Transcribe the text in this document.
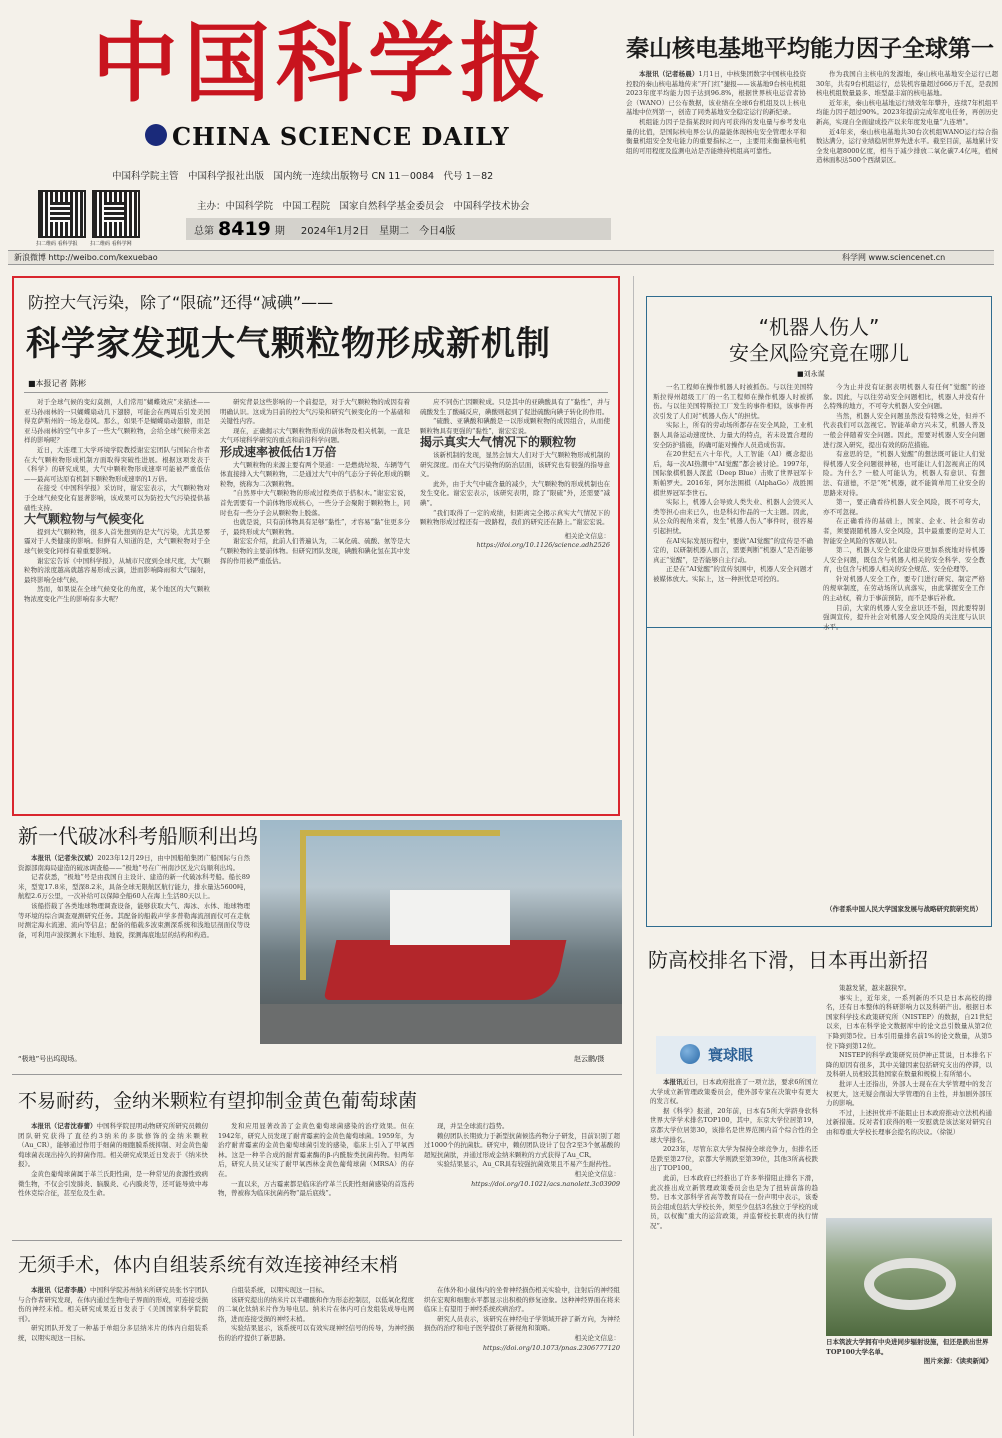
中国科学报
CHINA SCIENCE DAILY
中国科学院主管　中国科学报社出版　国内统一连续出版物号 CN 11－0084　代号 1－82
扫二维码 看科学报 扫二维码 看科学网
主办：中国科学院　中国工程院　国家自然科学基金委员会　中国科学技术协会
总第 8419 期 2024年1月2日　星期二　今日4版
新浪微博 http://weibo.com/kexuebao	科学网 www.sciencenet.cn
秦山核电基地平均能力因子全球第一

本报讯（记者杨晨）1月1日，中核集团数字中国核电投资控股的秦山核电基地传来“开门红”捷报——该基地9台核电机组2023年度平均能力因子达到96.8%，根据世界核电运营者协会（WANO）已公布数据，该业绩在全球6台机组及以上核电基地中位列第一，创造了同类基地安全稳定运行的新纪录。

机组能力因子是指某段时间内可获得的发电量与参考发电量的比值，是国际核电界公认的最能体现核电安全管理水平和衡量机组安全发电能力的重要指标之一，主要用来衡量核电机组的可用程度及监测电站是否能维持机组高可靠性。

作为我国自主核电的发源地，秦山核电基地安全运行已超30年，共有9台机组运行，总装机容量超过666万千瓦，是我国核电机组数量最多、堆型最丰富的核电基地。

近年来，秦山核电基地运行绩效年年攀升，连续7年机组平均能力因子超过90%。2023年提前完成年度电任务，再创历史新高，实现自全面建成投产以来年度发电量“九连增”。

近4年来，秦山核电基地共30台次机组WANO运行综合指数达满分，运行业绩稳居世界先进水平。截至目前，基地累计安全发电超8000亿度，相当于减少排放二氧化碳7.4亿吨，植树造林面积达500个西湖景区。

防控大气污染，除了“限硫”还得“减碘”——
科学家发现大气颗粒物形成新机制
■本报记者 陈彬

对于全球气候的变幻莫测，人们常用“蝴蝶效应”来描述——亚马孙雨林的一只蝴蝶扇动几下翅膀，可能会在两周后引发美国得克萨斯州的一场龙卷风。那么，如果不是蝴蝶扇动翅膀，而是亚马孙雨林的空气中多了一些大气颗粒物，会给全球气候带来怎样的影响呢？

近日，大连理工大学环境学院教授谢宏宏团队与国际合作者在大气颗粒物形成机制方面取得突破性进展。根据这项发表于《科学》的研究成果，大气中颗粒物形成速率可能被严重低估——最高可达原有机制下颗粒物形成速率的1万倍。

在接受《中国科学报》采访时，谢宏宏表示，大气颗粒物对于全球气候变化有显著影响，该成果可以为防控大气污染提供基础性支持。

大气颗粒物与气候变化

提到大气颗粒物，很多人首先想到的是大气污染，尤其是雾霾对于人类健康的影响。但鲜有人知道的是，大气颗粒物对于全球气候变化同样有着重要影响。

谢宏宏告诉《中国科学报》，从城市尺度到全球尺度，大气颗粒物的浓度越高就越容易形成云滴，进而影响降雨和大气辐射，最终影响全球气候。

然而，如果说在全球气候变化的角度，某个地区的大气颗粒物浓度变化产生的影响有多大呢？

研究背景这些影响的一个前提是，对于大气颗粒物的成因有着明确认识。这成为目前的控大气污染和研究气候变化的一个基础和关键性内容。

现在，正确揭示大气颗粒物形成的前体物及相关机制，一直是大气环境科学研究的重点和前沿科学问题。

形成速率被低估1万倍

大气颗粒物的来源主要有两个渠道：一是燃烧垃圾、车辆等气体直接排入大气颗粒物，二是通过大气中的气态分子转化形成的颗粒物，统称为二次颗粒物。

“自然界中大气颗粒物的形成过程类似于搭积木。”谢宏宏说，首先需要有一个前体物形成核心，一些分子会聚附于颗粒物上，同时也有一些分子会从颗粒物上脱落。

也就是说，只有前体物具有足够“黏性”，才容易“黏”住更多分子，最终形成大气颗粒物。

谢宏宏介绍，此前人们普遍认为，二氧化硫、硫酸、氨等是大气颗粒物的主要前体物。但研究团队发现，碘酸和碘化氢在其中发挥的作用被严重低估。

应不同伤亡因颗粒成。只是其中的亚碘酸具有了“黏性”，并与硫酸发生了酸碱反应，碘酸则起到了促进硫酸向碘子转化的作用。

“硫酸、亚碘酸和碘酸是一以形成颗粒物的成因组合，从而使颗粒物具有更强的“黏性”，谢宏宏说。

揭示真实大气情况下的颗粒物

该新机制的发现，显然会加大人们对于大气颗粒物形成机制的研究深度。而在大气污染物的防治层面，该研究也有很强的指导意义。

此外，由于大气中硫含量的减少，大气颗粒物的形成机制也在发生变化。谢宏宏表示，该研究表明，除了“限硫”外，还需要“减碘”。

“我们取得了一定的成绩，但距离完全揭示真实大气情况下的颗粒物形成过程还有一段路程，我们的研究还在路上。”谢宏宏说。

相关论文信息：
https://doi.org/10.1126/science.adh2526
“机器人伤人”
安全风险究竟在哪儿
■刘永谋

一名工程师在操作机器人时被抓伤。与以往美国特斯拉得州超级工厂的一名工程师在操作机器人时被抓伤。与以往美国特斯拉工厂发生的事件相似，该事件再次引发了人们对“机器人伤人”的担忧。

实际上，所有的劳动场所都存在安全风险，工业机器人具备运动速度快、力量大的特点，若未设置合理的安全防护措施，的确可能对操作人员造成伤害。

在20世纪五六十年代，人工智能（AI）概念提出后，每一次AI热潮中“AI觉醒”都会被讨论。1997年，国际象棋机器人深蓝（Deep Blue）击败了世界冠军卡斯帕罗夫。2016年，阿尔法围棋（AlphaGo）战胜围棋世界冠军李世石。

实际上，机器人会导致人类失业、机器人会毁灭人类等担心由来已久，也是科幻作品的一大主题。因此，从公众的视角来看，发生“机器人伤人”事件时，很容易引起担忧。

在AI实际发展历程中，要做“AI觉醒”的宣传是不确定的，以研制机器人而言，需要判断“机器人”是否能够真正“觉醒”，是否能够自主行动。

正是在“AI觉醒”的宣传氛围中，机器人安全问题才被媒体放大。实际上，这一种担忧是可控的。

今为止并没有证据表明机器人有任何“觉醒”的迹象。因此，与以往劳动安全问题相比，机器人并没有什么特殊的地方，不可夸大机器人安全问题。

当然，机器人安全问题虽然没有特殊之处，但并不代表我们可以忽视它。智能革命方兴未艾，机器人普及一般会伴随着安全问题。因此，需要对机器人安全问题进行深入研究，提出有效的防范措施。

有意思的是，“机器人觉醒”的想法既可能让人们觉得机器人安全问题很神秘，也可能让人们忽视真正的风险。为什么？一般人可能认为，机器人有意识、有想法、有道德，不是“死”机器，就不能简单用工业安全的思路来对待。

第一，要正确看待机器人安全风险，既不可夸大，亦不可忽视。

在正确看待的基础上，国家、企业、社会和劳动者，须要跟随机器人安全风险，其中最重要的是对人工智能安全风险的客观认识。

第二，机器人安全文化建设应更加系统地对待机器人安全问题，既包含与机器人相关的安全科学、安全教育，也包含与机器人相关的安全规范、安全伦理等。

针对机器人安全工作，要专门进行研究、制定严格的规章制度，在劳动场所认真落实，由此掌握安全工作的主动权，着力于事前预防，而不是事后补救。

目前，大家的机器人安全意识还不强，因此要特别强调宣传，提升社会对机器人安全风险的关注度与认识水平。

（作者系中国人民大学国家发展与战略研究院研究员）
新一代破冰科考船顺利出坞

本报讯（记者朱汉斌）2023年12月29日，由中国船舶集团广船国际与自然资源部南海局建造的破冰调查船——“极地”号在广州南沙区龙穴岛顺利出坞。

记者获悉，“极地”号是由我国自主设计、建造的新一代破冰科考船。船长89米，型宽17.8米，型深8.2米，具备全球无限航区航行能力，排水量达5600吨，航程2.6万公里，一次补给可以保障全船60人在海上生活80天以上。

该船搭载了各类地球物理调查设备，能够获取大气、海冰、水体、地球物理等环境的综合调查观测研究任务。其配备的船载声学多普勒海流剖面仪可在走航时测定海水流速、流向等信息；配备的船载多波束测深系统和浅地层剖面仪等设备，可利用声波探测水下地形、地貌，探测海底地层的结构和构造。

“极地”号出坞现场。	赵云鹏/摄
不易耐药，金纳米颗粒有望抑制金黄色葡萄球菌

本报讯（记者沈春蕾）中国科学院昆明动物研究所研究员赖仞团队研究获得了直径约3纳米的多肽修饰的金纳米颗粒（Au_CR），能够通过作用于细菌的细胞膜系统抑制、对金黄色葡萄球菌表现出持久的抑菌作用。相关研究成果近日发表于《纳米快报》。

金黄色葡萄球菌属于革兰氏阳性菌，是一种常见的食源性致病微生物，不仅会引发肺炎、脑膜炎、心内膜炎等，还可能导致中毒性休克综合征，甚至危及生命。

发和应用显著改善了金黄色葡萄球菌感染的治疗效果。但在1942年，研究人员发现了耐青霉素的金黄色葡萄球菌。1959年，为治疗耐青霉素的金黄色葡萄球菌引发的感染，临床上引入了甲氧西林。这是一种半合成的耐青霉素酶的β-内酰胺类抗菌药物。但两年后，研究人员又证实了耐甲氧西林金黄色葡萄球菌（MRSA）的存在。

一直以来，万古霉素都是临床治疗革兰氏阳性细菌感染的首选药物，曾被称为临床抗菌药物“最后底线”。

现，并呈全球流行趋势。

赖仞团队长期致力于新型抗菌候选药物分子研发，目前识别了超过1000个的抗菌肽。研究中，赖仞团队设计了包含2至3个氨基酸的超短抗菌肽，并通过形成金纳米颗粒的方式获得了Au_CR。

实验结果显示，Au_CR具有较强抗菌效果且不易产生耐药性。

相关论文信息：
https://doi.org/10.1021/acs.nanolett.3c03909
无须手术，体内自组装系统有效连接神经末梢

本报讯（记者李晨）中国科学院苏州纳米所研究员张书宇团队与合作者研究发现，在体内通过生物电子界面的形成，可连接受损伤的神经末梢。相关研究成果近日发表于《美国国家科学院院刊》。

研究团队开发了一种基于单组分多层纳米片的体内自组装系统，以期实现这一目标。

自组装系统，以期实现这一目标。

该研究提出的纳米片以半硼酸和作为形态控制层，以低氧化程度的二氧化钛纳米片作为导电层。纳米片在体内可自发组装成导电网络，进而连接受损的神经末梢。

实验结果显示，该系统可以有效实现神经信号的传导，为神经损伤的治疗提供了新思路。

在体外和小鼠体内的坐骨神经损伤相关实验中，注射后的神经组织在宏观和细胞水平都显示出积极的修复迹象。这种神经界面在将来临床上有望用于神经系统疾病治疗。

研究人员表示，该研究在神经电子学领域开辟了新方向，为神经损伤的治疗和电子医学提供了新视角和策略。

相关论文信息：
https://doi.org/10.1073/pnas.2306777120
防高校排名下滑，日本再出新招
寰球眼

本报讯近日，日本政府批准了一项立法，要求6所国立大学成立新管理政策委员会，使外部专家在决策中有更大的发言权。

据《科学》报道，20年前，日本有5所大学跻身软科世界大学学术排名TOP100，其中，东京大学位居第19，京都大学位居第30，该排名是世界范围内首个综合性的全球大学排名。

2023年，尽管东京大学为保持全球竞争力，但排名还是跌至第27位，京都大学则跌至第39位，其他3所高校跌出了TOP100。

此前，日本政府已经推出了许多举措阻止排名下滑，此次推出成立新管理政策委员会也是为了扭转前落的趋势。日本文部科学省高等教育局在一份声明中表示，该委员会组成包括大学校长外，须至少包括3名独立于学校的成员，以权衡“重大的运营政策，并监督校长职责的执行情况”。

策越发紧，越来越狭窄。

事实上，近年来，一系列新的不只是日本高校的排名，还有日本整体的科研影响力以及科研产出。根据日本国家科学技术政策研究所（NISTEP）的数据，自21世纪以来，日本在科学论文数据库中的论文总引数量从第2位下降到第5位。日本引用量排名前1%的论文数量，从第5位下降到第12位。

NISTEP的科学政策研究员伊神正贯说，日本排名下降的原因有很多，其中关键因素包括研究支出的停滞，以及科研人员相较其他国家在数量和规模上有所缩小。

批评人士还指出，外部人士现在在大学管理中的发言权更大，这无疑会削弱大学管理的自主性，并加剧外部压力的影响。

不过，上述担忧并不能阻止日本政府推动立法机构通过新措施。反对者们获得的唯一安慰就是该法案对研究自由和尊重大学校长理事会提名的决议。（徐锐）

日本筑波大学拥有中央进同步辐射设施，但还是跌出世界TOP100大学名单。
图片来源：《读卖新闻》
